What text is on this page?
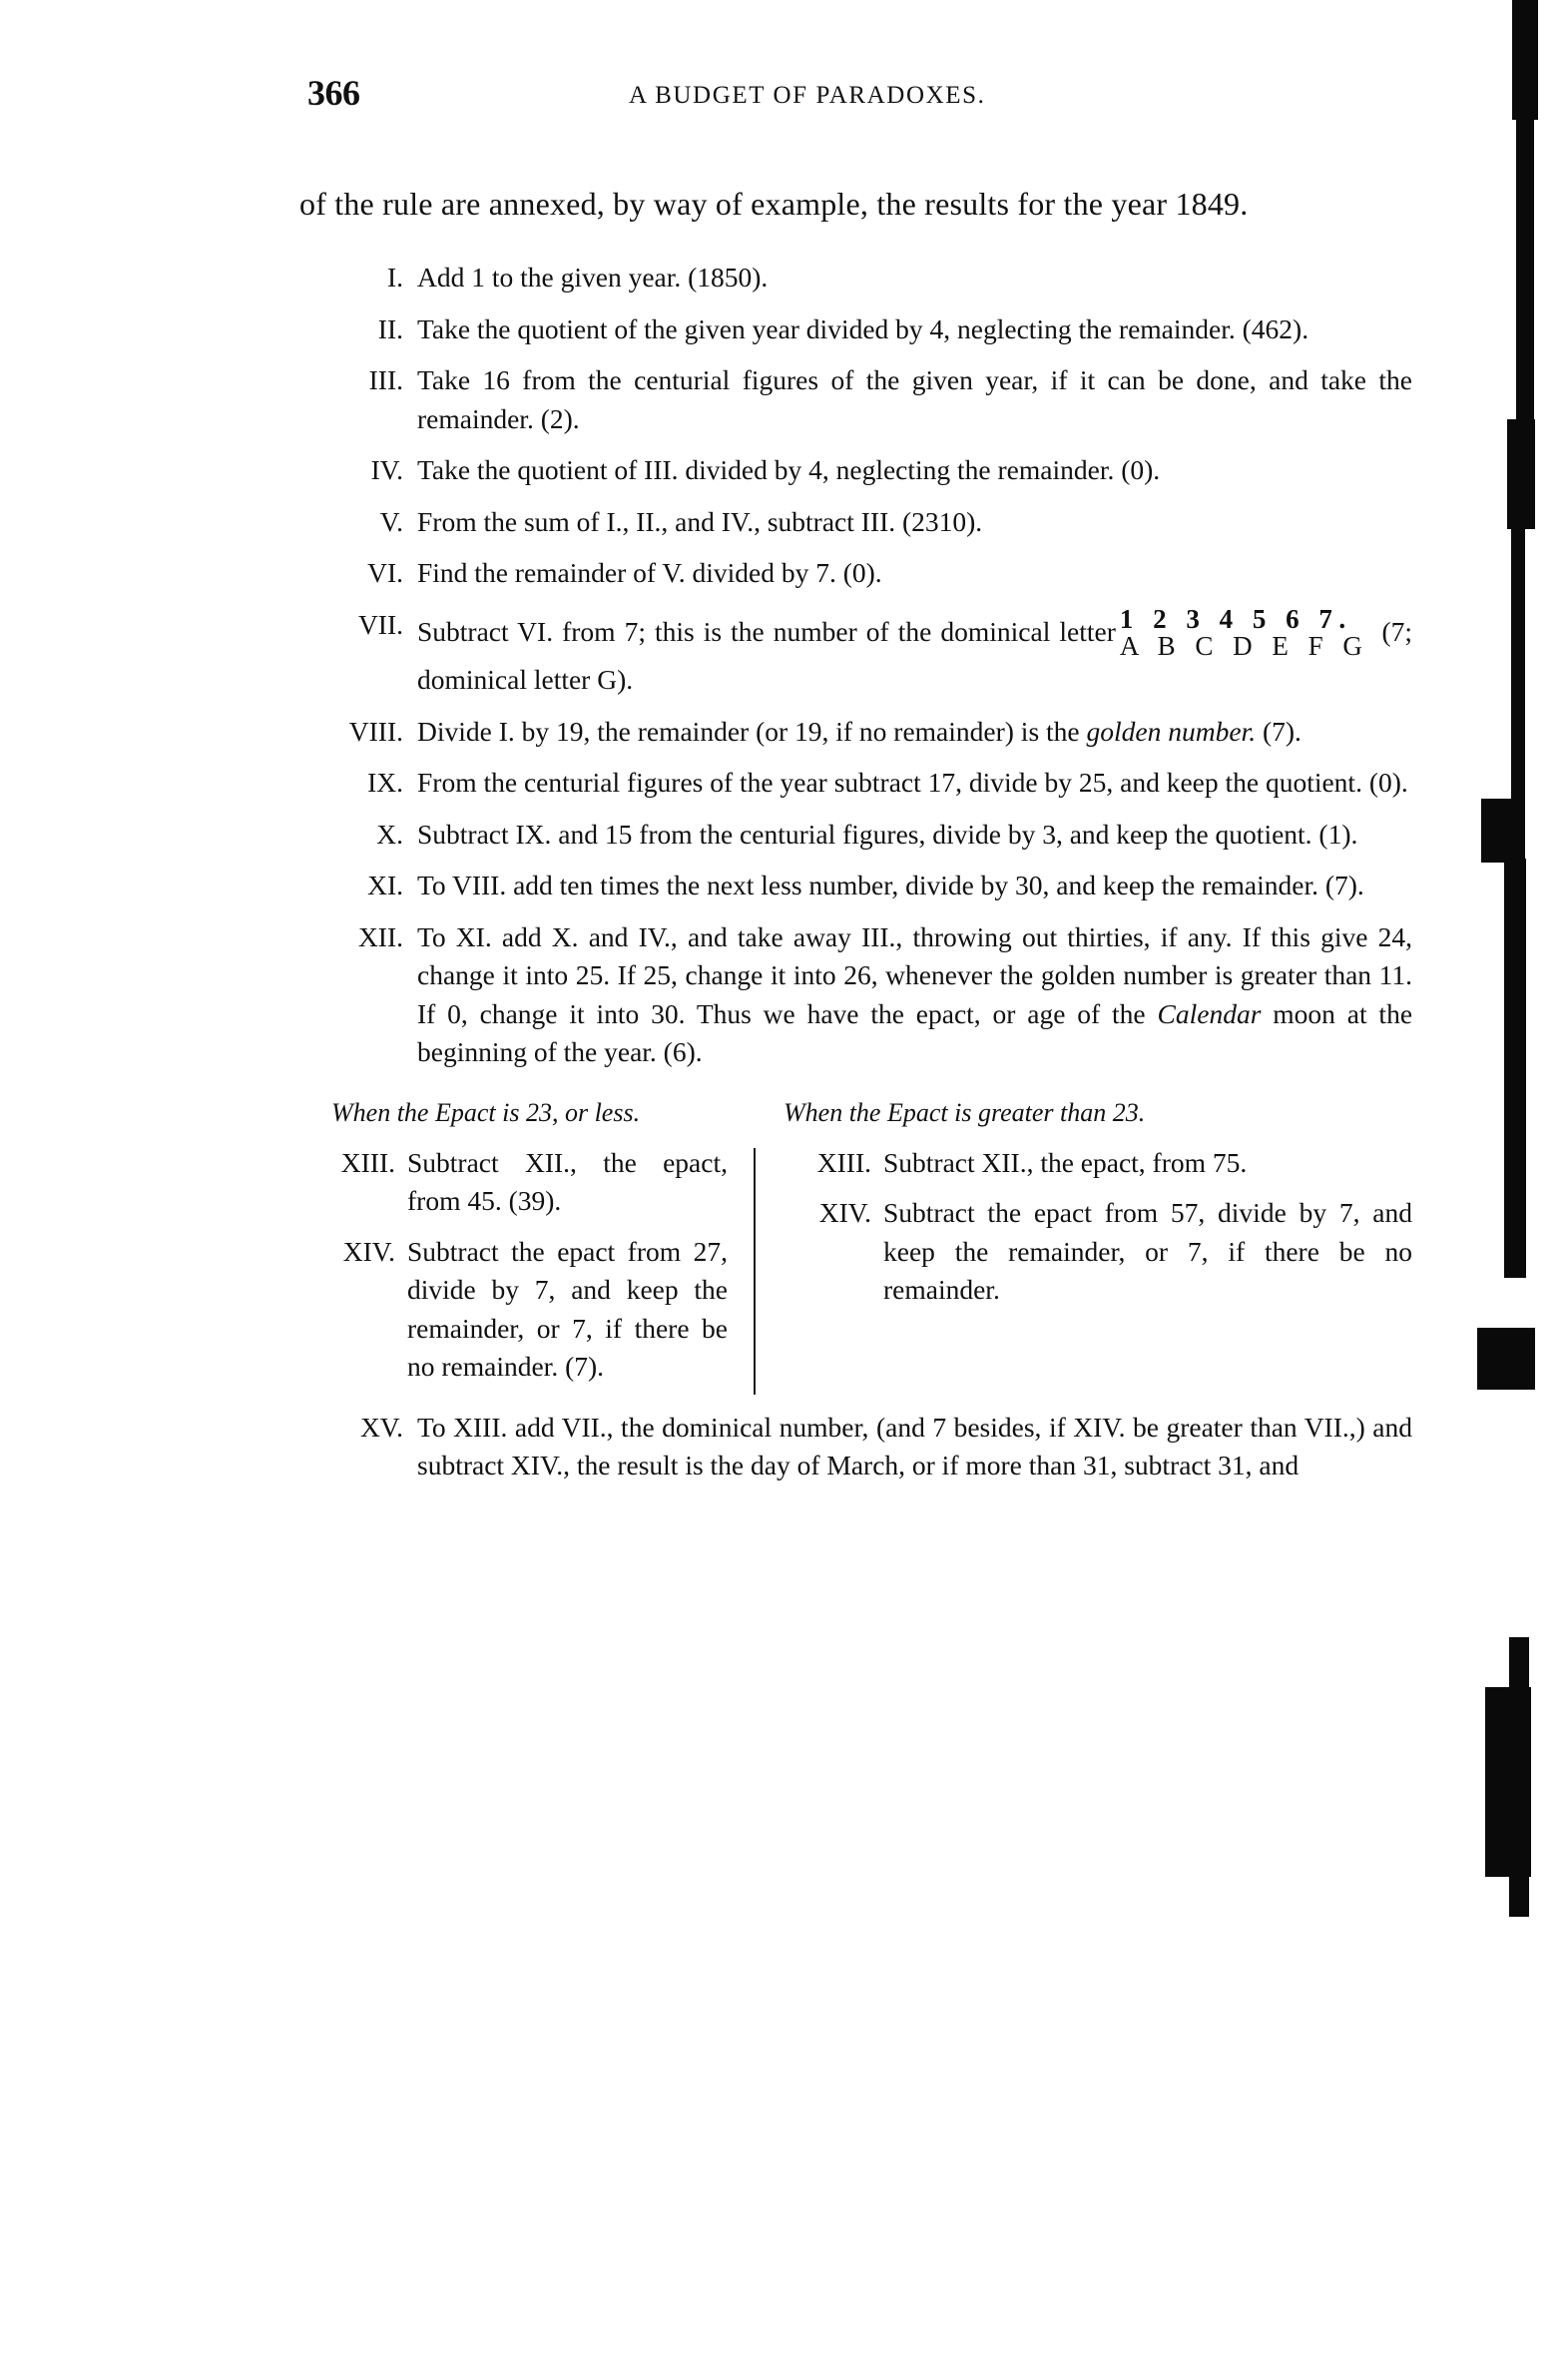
366	A BUDGET OF PARADOXES.

of the rule are annexed, by way of example, the results for the year 1849.

I. Add 1 to the given year. (1850).
II. Take the quotient of the given year divided by 4, neglecting the remainder. (462).
III. Take 16 from the centurial figures of the given year, if it can be done, and take the remainder. (2).
IV. Take the quotient of III. divided by 4, neglecting the remainder. (0).
V. From the sum of I., II., and IV., subtract III. (2310).
VI. Find the remainder of V. divided by 7. (0).
VII. Subtract VI. from 7; this is the number of the dominical letter 1 2 3 4 5 6 7.
A B C D E F G (7; dominical letter G).
VIII. Divide I. by 19, the remainder (or 19, if no remainder) is the golden number. (7).
IX. From the centurial figures of the year subtract 17, divide by 25, and keep the quotient. (0).
X. Subtract IX. and 15 from the centurial figures, divide by 3, and keep the quotient. (1).
XI. To VIII. add ten times the next less number, divide by 30, and keep the remainder. (7).
XII. To XI. add X. and IV., and take away III., throwing out thirties, if any. If this give 24, change it into 25. If 25, change it into 26, whenever the golden number is greater than 11. If 0, change it into 30. Thus we have the epact, or age of the Calendar moon at the beginning of the year. (6).
When the Epact is 23, or less.	When the Epact is greater than 23.
XIII. Subtract XII., the epact, from 45. (39).
XIV. Subtract the epact from 27, divide by 7, and keep the remainder, or 7, if there be no remainder. (7).
XIII. Subtract XII., the epact, from 75.
XIV. Subtract the epact from 57, divide by 7, and keep the remainder, or 7, if there be no remainder.
XV. To XIII. add VII., the dominical number, (and 7 besides, if XIV. be greater than VII.,) and subtract XIV., the result is the day of March, or if more than 31, subtract 31, and
